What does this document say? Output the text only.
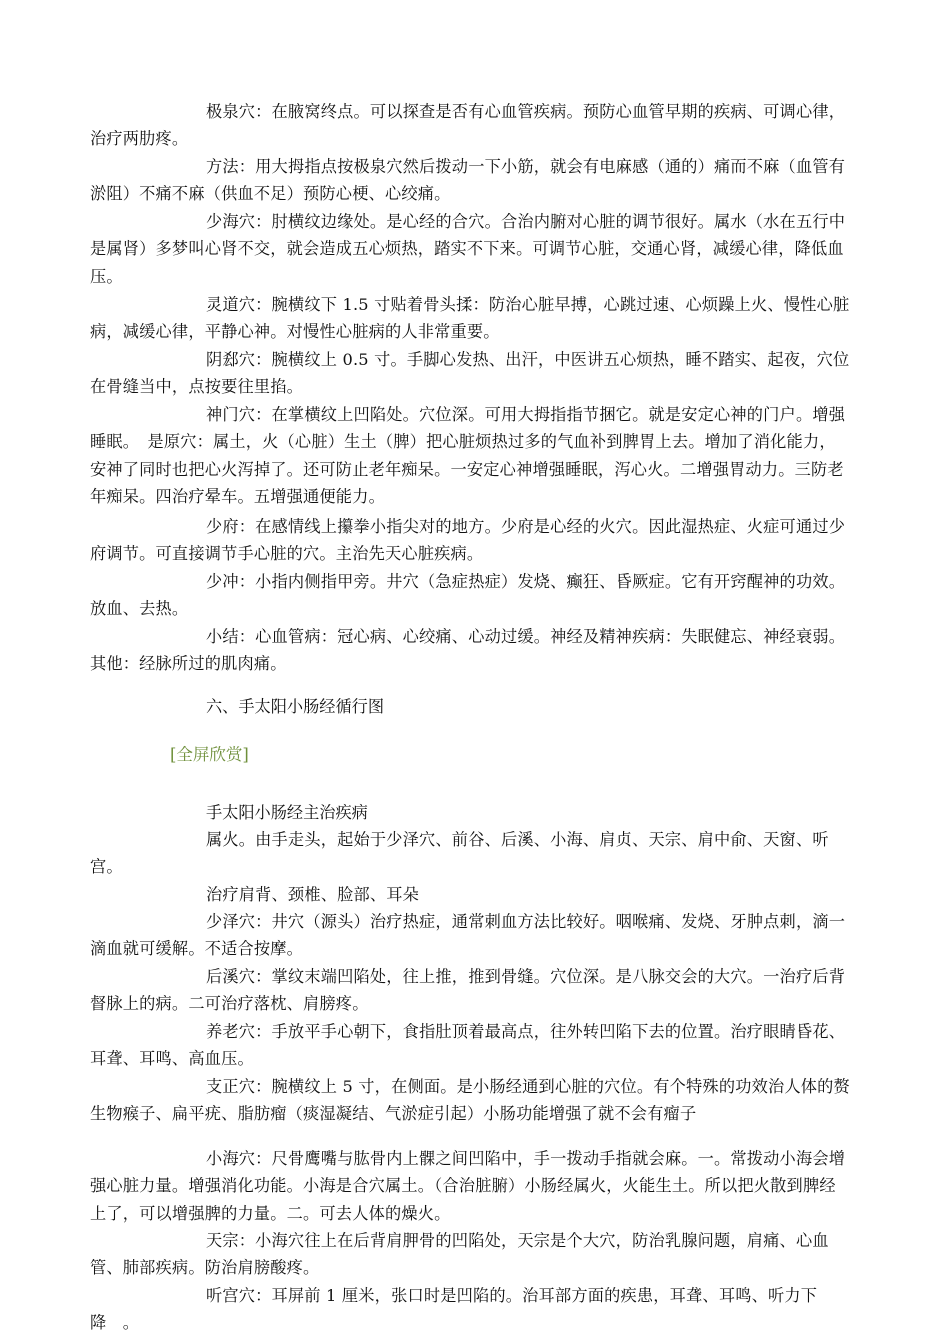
极泉穴：在腋窝终点。可以探查是否有心血管疾病。预防心血管早期的疾病、可调心律，治疗两肋疼。

方法：用大拇指点按极泉穴然后拨动一下小筋，就会有电麻感（通的）痛而不麻（血管有淤阻）不痛不麻（供血不足）预防心梗、心绞痛。

少海穴：肘横纹边缘处。是心经的合穴。合治内腑对心脏的调节很好。属水（水在五行中是属肾）多梦叫心肾不交，就会造成五心烦热，踏实不下来。可调节心脏，交通心肾，减缓心律，降低血压。

灵道穴：腕横纹下 1.5 寸贴着骨头揉：防治心脏早搏，心跳过速、心烦躁上火、慢性心脏病，减缓心律，平静心神。对慢性心脏病的人非常重要。

阴郄穴：腕横纹上 0.5 寸。手脚心发热、出汗，中医讲五心烦热，睡不踏实、起夜，穴位在骨缝当中，点按要往里掐。

神门穴：在掌横纹上凹陷处。穴位深。可用大拇指指节捆它。就是安定心神的门户。增强睡眠。　是原穴：属土，火（心脏）生土（脾）把心脏烦热过多的气血补到脾胃上去。增加了消化能力，安神了同时也把心火泻掉了。还可防止老年痴呆。一安定心神增强睡眠，泻心火。二增强胃动力。三防老年痴呆。四治疗晕车。五增强通便能力。

少府：在感情线上攥拳小指尖对的地方。少府是心经的火穴。因此湿热症、火症可通过少府调节。可直接调节手心脏的穴。主治先天心脏疾病。

少冲：小指内侧指甲旁。井穴（急症热症）发烧、癫狂、昏厥症。它有开窍醒神的功效。放血、去热。

小结：心血管病：冠心病、心绞痛、心动过缓。神经及精神疾病：失眠健忘、神经衰弱。其他：经脉所过的肌肉痛。

六、手太阳小肠经循行图

[全屏欣赏]

手太阳小肠经主治疾病

属火。由手走头，起始于少泽穴、前谷、后溪、小海、肩贞、天宗、肩中俞、天窗、听宫。

治疗肩背、颈椎、脸部、耳朵

少泽穴：井穴（源头）治疗热症，通常刺血方法比较好。咽喉痛、发烧、牙肿点刺，滴一滴血就可缓解。不适合按摩。

后溪穴：掌纹末端凹陷处，往上推，推到骨缝。穴位深。是八脉交会的大穴。一治疗后背督脉上的病。二可治疗落枕、肩膀疼。

养老穴：手放平手心朝下，食指肚顶着最高点，往外转凹陷下去的位置。治疗眼睛昏花、耳聋、耳鸣、高血压。

支正穴：腕横纹上 5 寸，在侧面。是小肠经通到心脏的穴位。有个特殊的功效治人体的赘生物瘊子、扁平疣、脂肪瘤（痰湿凝结、气淤症引起）小肠功能增强了就不会有瘤子

小海穴：尺骨鹰嘴与肱骨内上髁之间凹陷中，手一拨动手指就会麻。一。常拨动小海会增强心脏力量。增强消化功能。小海是合穴属土。（合治脏腑）小肠经属火，火能生土。所以把火散到脾经上了，可以增强脾的力量。二。可去人体的燥火。

天宗：小海穴往上在后背肩胛骨的凹陷处，天宗是个大穴，防治乳腺问题，肩痛、心血管、肺部疾病。防治肩膀酸疼。

听宫穴：耳屏前 1 厘米，张口时是凹陷的。治耳部方面的疾患，耳聋、耳鸣、听力下降　。
